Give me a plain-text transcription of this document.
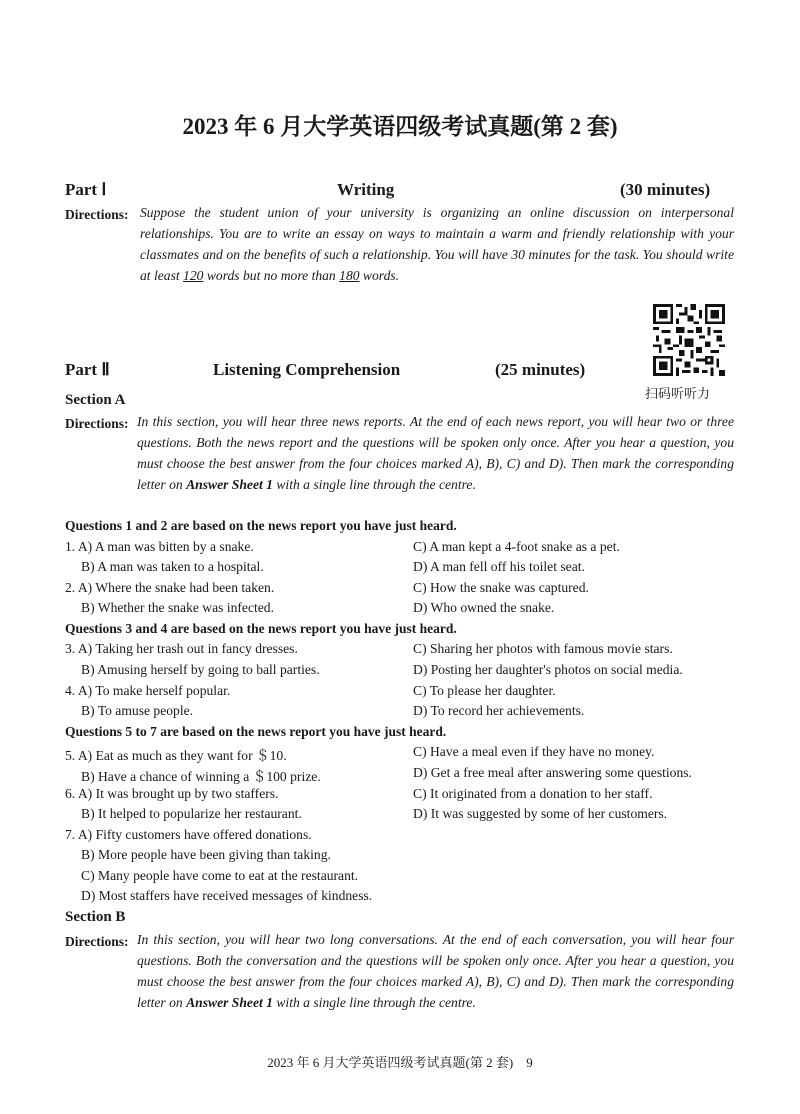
2023 年 6 月大学英语四级考试真题(第 2 套)
Part Ⅰ	Writing	(30 minutes)
Directions: Suppose the student union of your university is organizing an online discussion on interpersonal relationships. You are to write an essay on ways to maintain a warm and friendly relationship with your classmates and on the benefits of such a relationship. You will have 30 minutes for the task. You should write at least 120 words but no more than 180 words.
扫码听听力
Part Ⅱ	Listening Comprehension	(25 minutes)
Section A
Directions: In this section, you will hear three news reports. At the end of each news report, you will hear two or three questions. Both the news report and the questions will be spoken only once. After you hear a question, you must choose the best answer from the four choices marked A), B), C) and D). Then mark the corresponding letter on Answer Sheet 1 with a single line through the centre.
Questions 1 and 2 are based on the news report you have just heard.
1. A) A man was bitten by a snake.	C) A man kept a 4-foot snake as a pet.
B) A man was taken to a hospital.	D) A man fell off his toilet seat.
2. A) Where the snake had been taken.	C) How the snake was captured.
B) Whether the snake was infected.	D) Who owned the snake.
Questions 3 and 4 are based on the news report you have just heard.
3. A) Taking her trash out in fancy dresses.	C) Sharing her photos with famous movie stars.
B) Amusing herself by going to ball parties.	D) Posting her daughter's photos on social media.
4. A) To make herself popular.	C) To please her daughter.
B) To amuse people.	D) To record her achievements.
Questions 5 to 7 are based on the news report you have just heard.
5. A) Eat as much as they want for ＄10.	C) Have a meal even if they have no money.
B) Have a chance of winning a ＄100 prize.	D) Get a free meal after answering some questions.
6. A) It was brought up by two staffers.	C) It originated from a donation to her staff.
B) It helped to popularize her restaurant.	D) It was suggested by some of her customers.
7. A) Fifty customers have offered donations.
B) More people have been giving than taking.
C) Many people have come to eat at the restaurant.
D) Most staffers have received messages of kindness.
Section B
Directions: In this section, you will hear two long conversations. At the end of each conversation, you will hear four questions. Both the conversation and the questions will be spoken only once. After you hear a question, you must choose the best answer from the four choices marked A), B), C) and D). Then mark the corresponding letter on Answer Sheet 1 with a single line through the centre.
2023 年 6 月大学英语四级考试真题(第 2 套)　9
